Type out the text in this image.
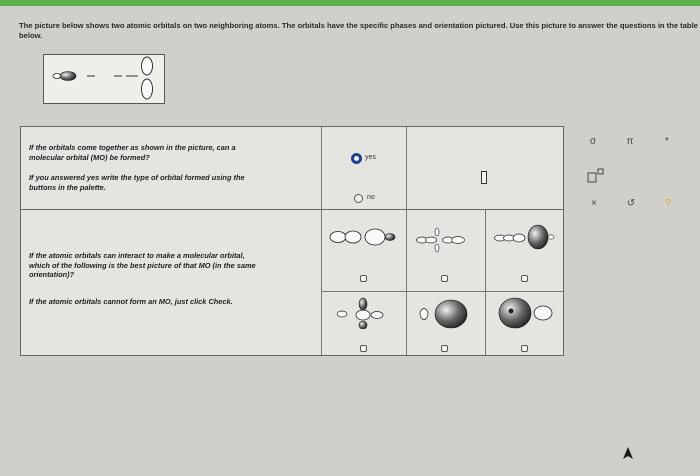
The picture below shows two atomic orbitals on two neighboring atoms. The orbitals have the specific phases and orientation pictured. Use this picture to answer the questions in the table below.
If the orbitals come together as shown in the picture, can a
molecular orbital (MO) be formed?
If you answered yes write the type of orbital formed using the
buttons in the palette.
yes
no
If the atomic orbitals can interact to make a molecular orbital,
which of the following is the best picture of that MO (in the same
orientation)?
If the atomic orbitals cannot form an MO, just click Check.
σ	π	*
×	↺	?
